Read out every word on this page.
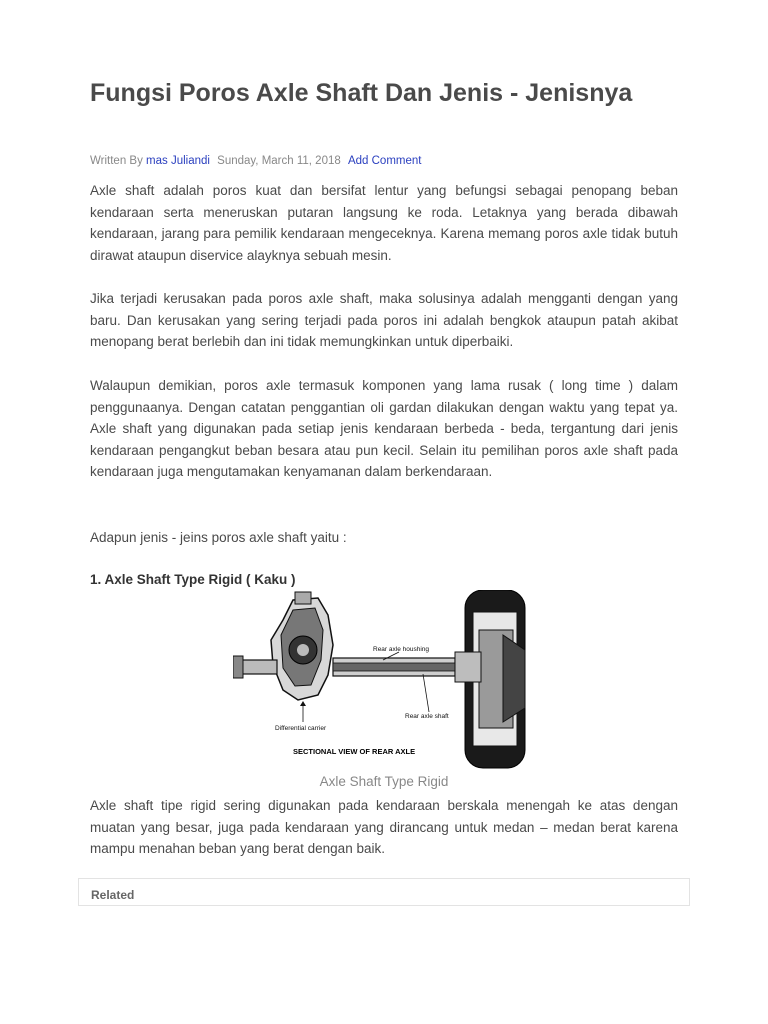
Fungsi Poros Axle Shaft Dan Jenis - Jenisnya
Written By mas Juliandi Sunday, March 11, 2018 Add Comment

Axle shaft adalah poros kuat dan bersifat lentur yang befungsi sebagai penopang beban kendaraan serta meneruskan putaran langsung ke roda. Letaknya yang berada dibawah kendaraan, jarang para pemilik kendaraan mengeceknya. Karena memang poros axle tidak butuh dirawat ataupun diservice alayknya sebuah mesin.

Jika terjadi kerusakan pada poros axle shaft, maka solusinya adalah mengganti dengan yang baru. Dan kerusakan yang sering terjadi pada poros ini adalah bengkok ataupun patah akibat menopang berat berlebih dan ini tidak memungkinkan untuk diperbaiki.

Walaupun demikian, poros axle termasuk komponen yang lama rusak ( long time ) dalam penggunaanya. Dengan catatan penggantian oli gardan dilakukan dengan waktu yang tepat ya. Axle shaft yang digunakan pada setiap jenis kendaraan berbeda - beda, tergantung dari jenis kendaraan pengangkut beban besara atau pun kecil. Selain itu pemilihan poros axle shaft pada kendaraan juga mengutamakan kenyamanan dalam berkendaraan.

Adapun jenis - jeins poros axle shaft yaitu :

1. Axle Shaft Type Rigid ( Kaku )
Rear axle houshing
Rear axle shaft
Differential carrier
SECTIONAL VIEW OF REAR AXLE
Axle Shaft Type Rigid

Axle shaft tipe rigid sering digunakan pada kendaraan berskala menengah ke atas dengan muatan yang besar, juga pada kendaraan yang dirancang untuk medan – medan berat karena mampu menahan beban yang berat dengan baik.

Related
